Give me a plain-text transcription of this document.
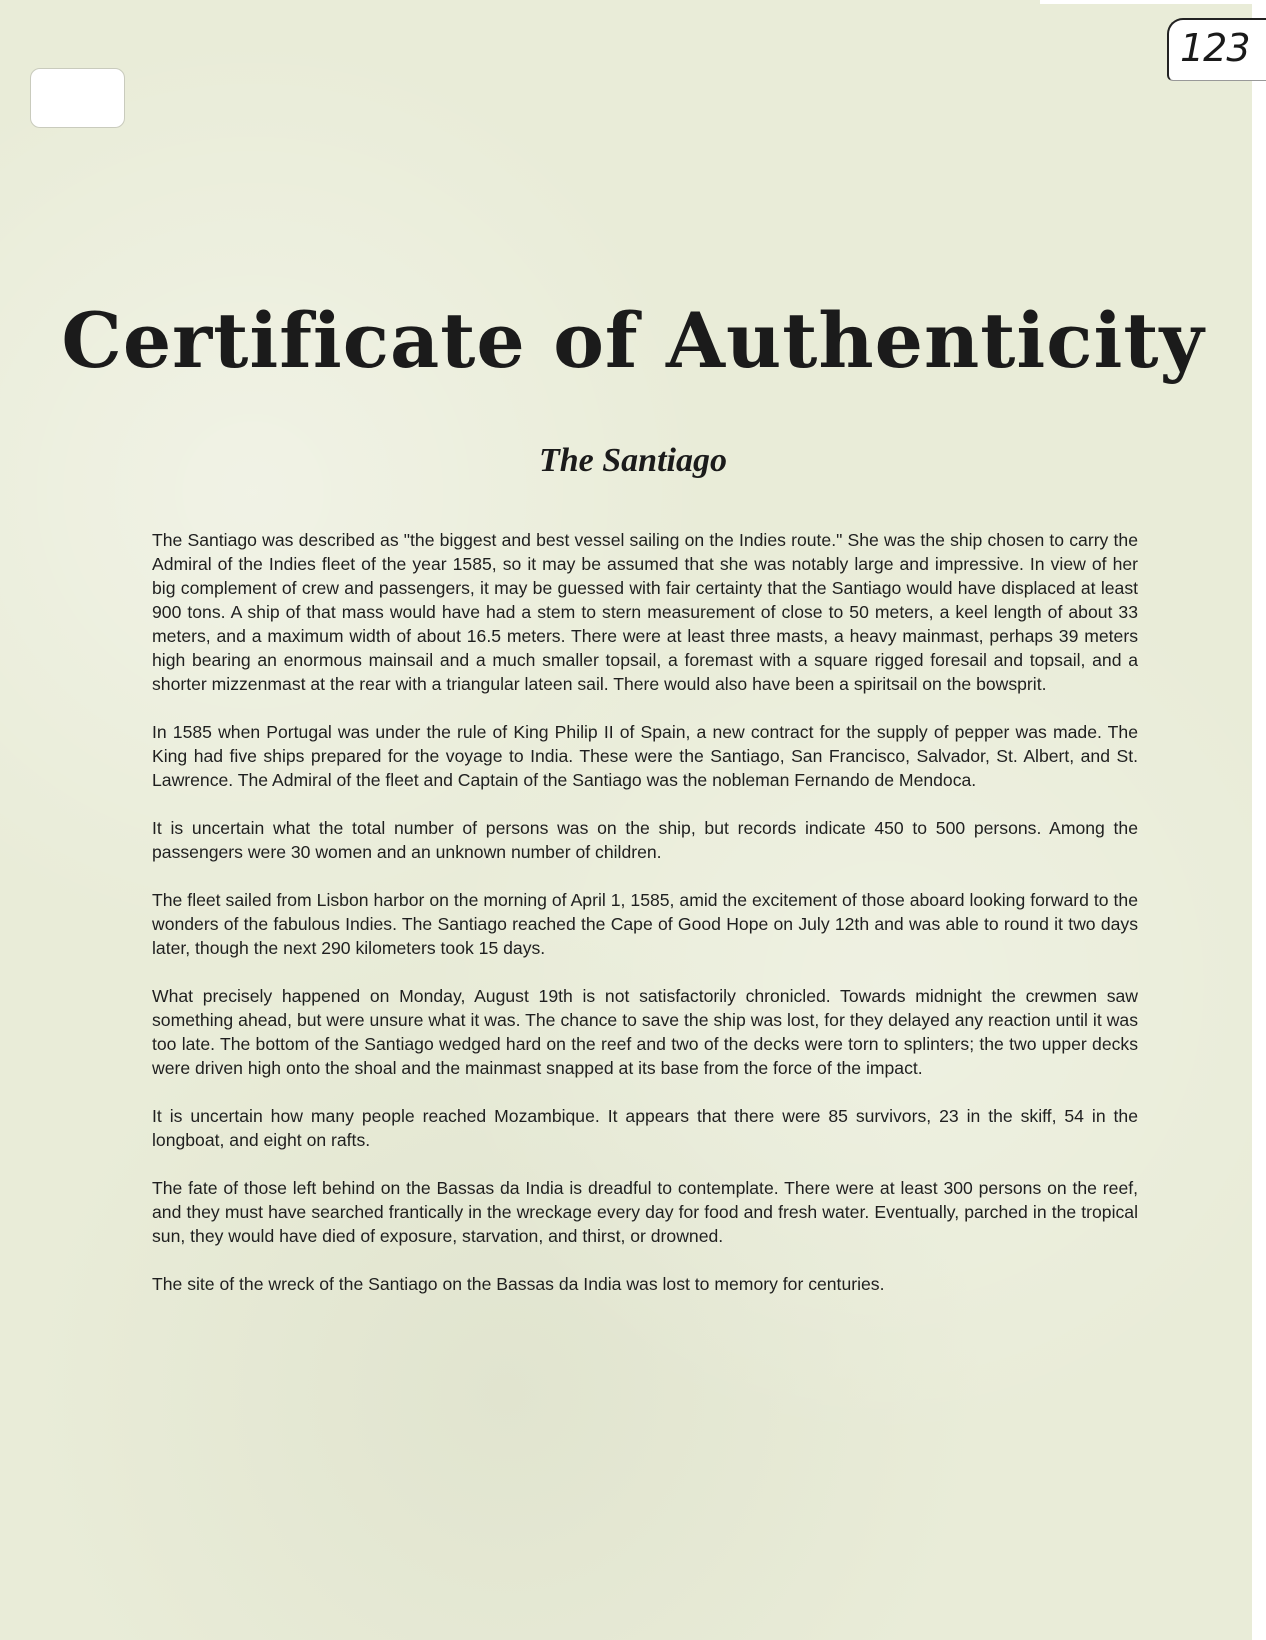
123
Certificate of Authenticity
The Santiago

The Santiago was described as "the biggest and best vessel sailing on the Indies route." She was the ship chosen to carry the Admiral of the Indies fleet of the year 1585, so it may be assumed that she was notably large and impressive. In view of her big complement of crew and passengers, it may be guessed with fair certainty that the Santiago would have displaced at least 900 tons. A ship of that mass would have had a stem to stern measurement of close to 50 meters, a keel length of about 33 meters, and a maximum width of about 16.5 meters. There were at least three masts, a heavy mainmast, perhaps 39 meters high bearing an enormous mainsail and a much smaller topsail, a foremast with a square rigged foresail and topsail, and a shorter mizzenmast at the rear with a triangular lateen sail. There would also have been a spiritsail on the bowsprit.

In 1585 when Portugal was under the rule of King Philip II of Spain, a new contract for the supply of pepper was made. The King had five ships prepared for the voyage to India. These were the Santiago, San Francisco, Salvador, St. Albert, and St. Lawrence. The Admiral of the fleet and Captain of the Santiago was the nobleman Fernando de Mendoca.

It is uncertain what the total number of persons was on the ship, but records indicate 450 to 500 persons. Among the passengers were 30 women and an unknown number of children.

The fleet sailed from Lisbon harbor on the morning of April 1, 1585, amid the excitement of those aboard looking forward to the wonders of the fabulous Indies. The Santiago reached the Cape of Good Hope on July 12th and was able to round it two days later, though the next 290 kilometers took 15 days.

What precisely happened on Monday, August 19th is not satisfactorily chronicled. Towards midnight the crewmen saw something ahead, but were unsure what it was. The chance to save the ship was lost, for they delayed any reaction until it was too late. The bottom of the Santiago wedged hard on the reef and two of the decks were torn to splinters; the two upper decks were driven high onto the shoal and the mainmast snapped at its base from the force of the impact.

It is uncertain how many people reached Mozambique. It appears that there were 85 survivors, 23 in the skiff, 54 in the longboat, and eight on rafts.

The fate of those left behind on the Bassas da India is dreadful to contemplate. There were at least 300 persons on the reef, and they must have searched frantically in the wreckage every day for food and fresh water. Eventually, parched in the tropical sun, they would have died of exposure, starvation, and thirst, or drowned.

The site of the wreck of the Santiago on the Bassas da India was lost to memory for centuries.
